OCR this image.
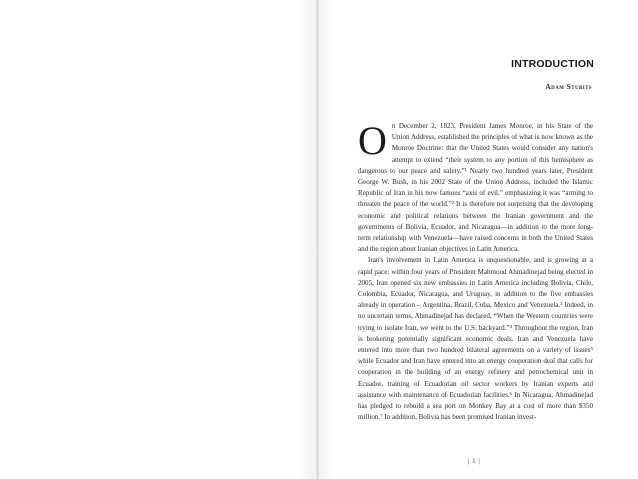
INTRODUCTION
Adam Stubits

On December 2, 1823, President James Monroe, in his State of the Union Address, established the principles of what is now known as the Monroe Doctrine: that the United States would consider any nation's attempt to extend “their system to any portion of this hemisphere as dangerous to our peace and safety.”¹ Nearly two hundred years later, President George W. Bush, in his 2002 State of the Union Address, included the Islamic Republic of Iran in his now famous “axis of evil,” emphasizing it was “arming to threaten the peace of the world.”² It is therefore not surprising that the developing economic and political relations between the Iranian government and the governments of Bolivia, Ecuador, and Nicaragua—in addition to the more long-term relationship with Venezuela—have raised concerns in both the United States and the region about Iranian objectives in Latin America.

Iran's involvement in Latin America is unquestionable, and is growing at a rapid pace; within four years of President Mahmoud Ahmadinejad being elected in 2005, Iran opened six new embassies in Latin America including Bolivia, Chile, Colombia, Ecuador, Nicaragua, and Uruguay, in addition to the five embassies already in operation – Argentina, Brazil, Cuba, Mexico and Venezuela.³ Indeed, in no uncertain terms, Ahmadinejad has declared, “When the Western countries were trying to isolate Iran, we went to the U.S. backyard.”⁴ Throughout the region, Iran is brokering potentially significant economic deals. Iran and Venezuela have entered into more than two hundred bilateral agreements on a variety of issues⁵ while Ecuador and Iran have entered into an energy cooperation deal that calls for cooperation in the building of an energy refinery and petrochemical unit in Ecuador, training of Ecuadorian oil sector workers by Iranian experts and assistance with maintenance of Ecuadorian facilities.⁶ In Nicaragua, Ahmadinejad has pledged to rebuild a sea port on Monkey Bay at a cost of more than $350 million.⁷ In addition, Bolivia has been promised Iranian invest-

| 1 |
